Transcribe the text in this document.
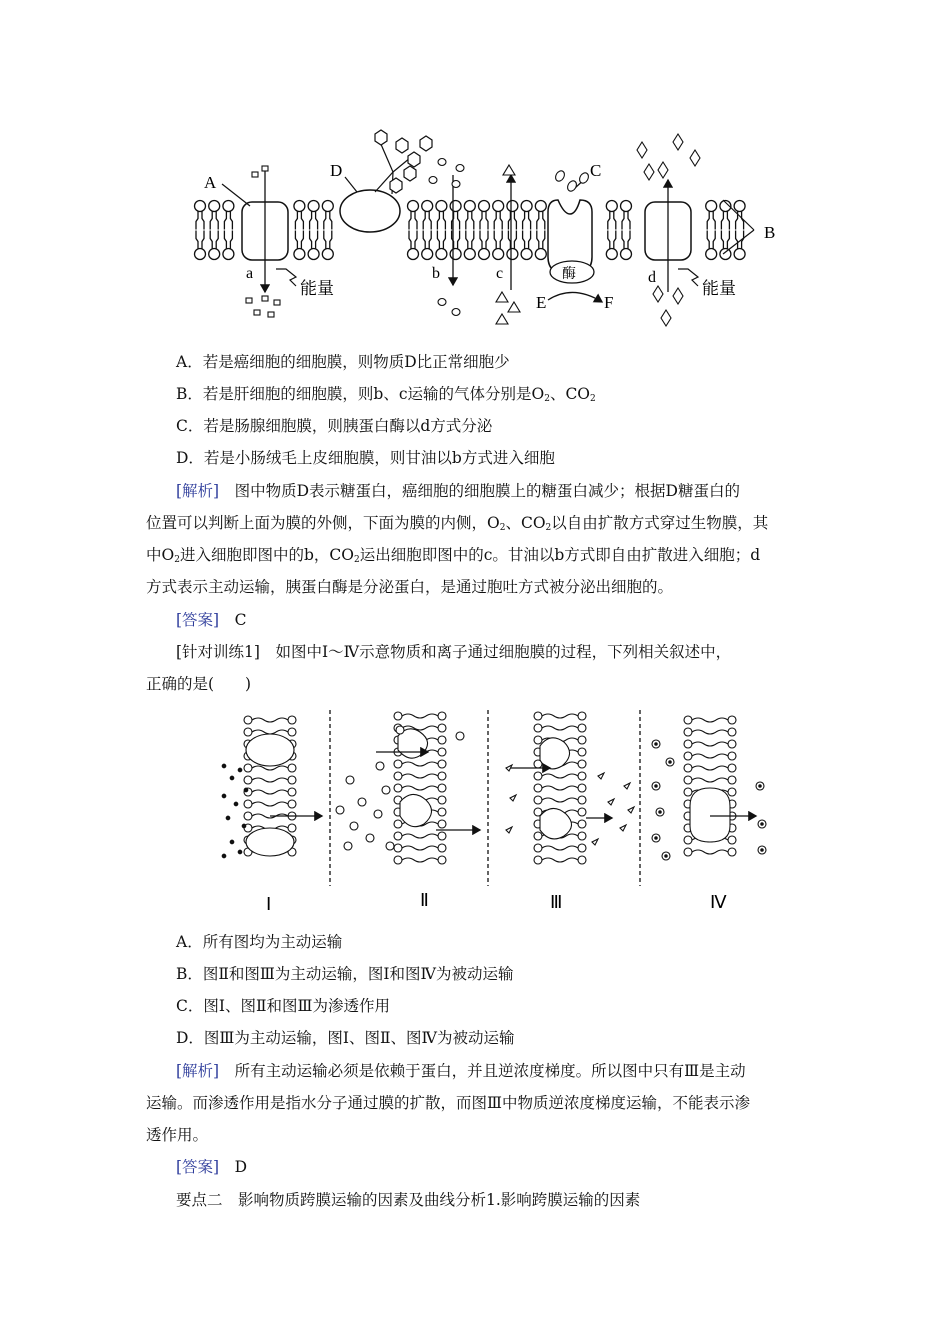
A
D	C
B
E	F
a	b	c	d
能量	能量
酶
A．若是癌细胞的细胞膜，则物质D比正常细胞少
B．若是肝细胞的细胞膜，则b、c运输的气体分别是$O_2$、$CO_2$
C．若是肠腺细胞膜，则胰蛋白酶以d方式分泌
D．若是小肠绒毛上皮细胞膜，则甘油以b方式进入细胞
[解析]　 图中物质D表示糖蛋白，癌细胞的细胞膜上的糖蛋白减少；根据D糖蛋白的
位置可以判断上面为膜的外侧，下面为膜的内侧，$O_2$、$CO_2$以自由扩散方式穿过生物膜，其
中$O_2$进入细胞即图中的b，$CO_2$运出细胞即图中的c。甘油以b方式即自由扩散进入细胞；d
方式表示主动运输，胰蛋白酶是分泌蛋白，是通过胞吐方式被分泌出细胞的。
[答案]　 C
[针对训练1]　如图中Ⅰ～Ⅳ示意物质和离子通过细胞膜的过程，下列相关叙述中，
正确的是(　　)
Ⅰ	Ⅱ	Ⅲ	Ⅳ
A．所有图均为主动运输
B．图Ⅱ和图Ⅲ为主动运输，图Ⅰ和图Ⅳ为被动运输
C．图Ⅰ、图Ⅱ和图Ⅲ为渗透作用
D．图Ⅲ为主动运输，图Ⅰ、图Ⅱ、图Ⅳ为被动运输
[解析]　 所有主动运输必须是依赖于蛋白，并且逆浓度梯度。所以图中只有Ⅲ是主动
运输。而渗透作用是指水分子通过膜的扩散，而图Ⅲ中物质逆浓度梯度运输，不能表示渗
透作用。
[答案]　 D
要点二　影响物质跨膜运输的因素及曲线分析1.影响跨膜运输的因素
